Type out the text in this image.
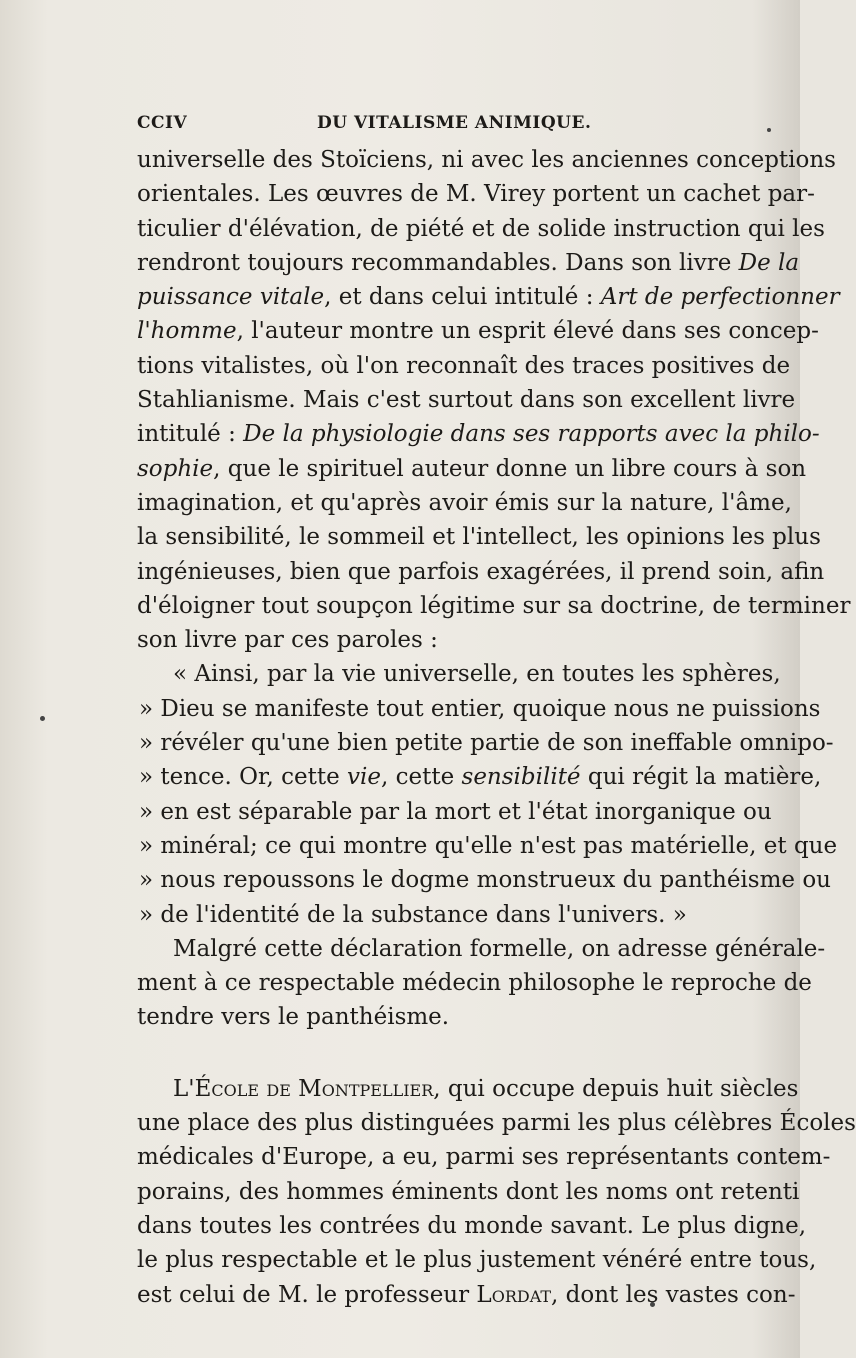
CCIV	DU VITALISME ANIMIQUE.
universelle des Stoïciens, ni avec les anciennes conceptions
orientales. Les œuvres de M. Virey portent un cachet par-
ticulier d'élévation, de piété et de solide instruction qui les
rendront toujours recommandables. Dans son livre De la
puissance vitale, et dans celui intitulé : Art de perfectionner
l'homme, l'auteur montre un esprit élevé dans ses concep-
tions vitalistes, où l'on reconnaît des traces positives de
Stahlianisme. Mais c'est surtout dans son excellent livre
intitulé : De la physiologie dans ses rapports avec la philo-
sophie, que le spirituel auteur donne un libre cours à son
imagination, et qu'après avoir émis sur la nature, l'âme,
la sensibilité, le sommeil et l'intellect, les opinions les plus
ingénieuses, bien que parfois exagérées, il prend soin, afin
d'éloigner tout soupçon légitime sur sa doctrine, de terminer
son livre par ces paroles :
« Ainsi, par la vie universelle, en toutes les sphères,
» Dieu se manifeste tout entier, quoique nous ne puissions
» révéler qu'une bien petite partie de son ineffable omnipo-
» tence. Or, cette vie, cette sensibilité qui régit la matière,
» en est séparable par la mort et l'état inorganique ou
» minéral; ce qui montre qu'elle n'est pas matérielle, et que
» nous repoussons le dogme monstrueux du panthéisme ou
» de l'identité de la substance dans l'univers. »
Malgré cette déclaration formelle, on adresse générale-
ment à ce respectable médecin philosophe le reproche de
tendre vers le panthéisme.
L'École de Montpellier, qui occupe depuis huit siècles
une place des plus distinguées parmi les plus célèbres Écoles
médicales d'Europe, a eu, parmi ses représentants contem-
porains, des hommes éminents dont les noms ont retenti
dans toutes les contrées du monde savant. Le plus digne,
le plus respectable et le plus justement vénéré entre tous,
est celui de M. le professeur Lordat, dont les vastes con-
